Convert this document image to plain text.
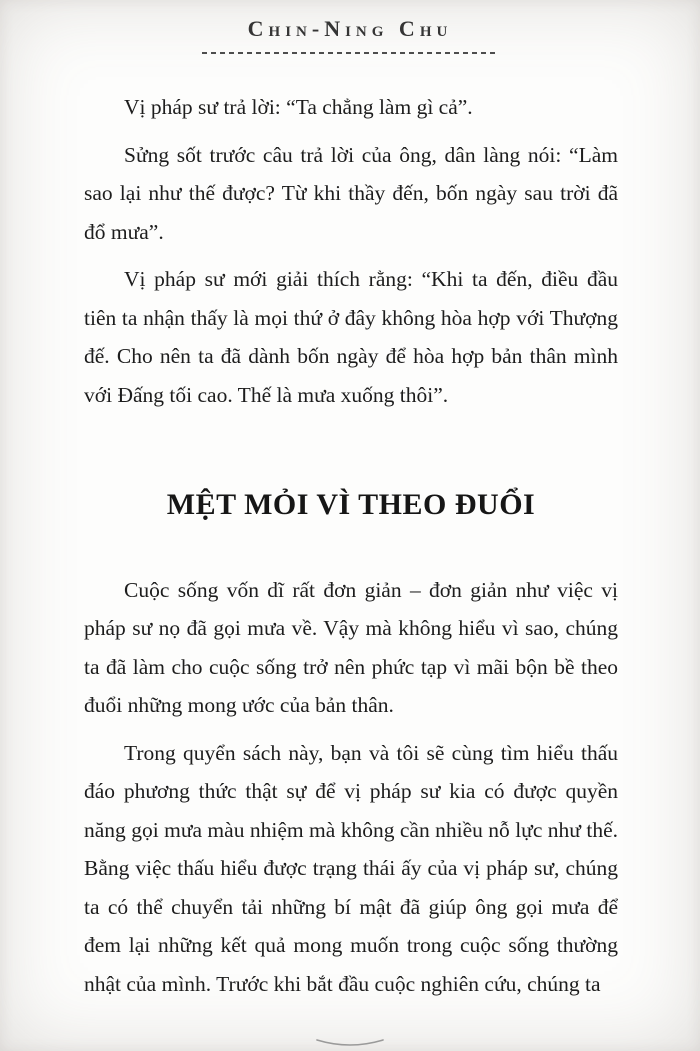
Chin-Ning Chu

Vị pháp sư trả lời: “Ta chẳng làm gì cả”.

Sửng sốt trước câu trả lời của ông, dân làng nói: “Làm sao lại như thế được? Từ khi thầy đến, bốn ngày sau trời đã đổ mưa”.

Vị pháp sư mới giải thích rằng: “Khi ta đến, điều đầu tiên ta nhận thấy là mọi thứ ở đây không hòa hợp với Thượng đế. Cho nên ta đã dành bốn ngày để hòa hợp bản thân mình với Đấng tối cao. Thế là mưa xuống thôi”.

MỆT MỎI VÌ THEO ĐUỔI

Cuộc sống vốn dĩ rất đơn giản – đơn giản như việc vị pháp sư nọ đã gọi mưa về. Vậy mà không hiểu vì sao, chúng ta đã làm cho cuộc sống trở nên phức tạp vì mãi bộn bề theo đuổi những mong ước của bản thân.

Trong quyển sách này, bạn và tôi sẽ cùng tìm hiểu thấu đáo phương thức thật sự để vị pháp sư kia có được quyền năng gọi mưa màu nhiệm mà không cần nhiều nỗ lực như thế. Bằng việc thấu hiểu được trạng thái ấy của vị pháp sư, chúng ta có thể chuyển tải những bí mật đã giúp ông gọi mưa để đem lại những kết quả mong muốn trong cuộc sống thường nhật của mình. Trước khi bắt đầu cuộc nghiên cứu, chúng ta
